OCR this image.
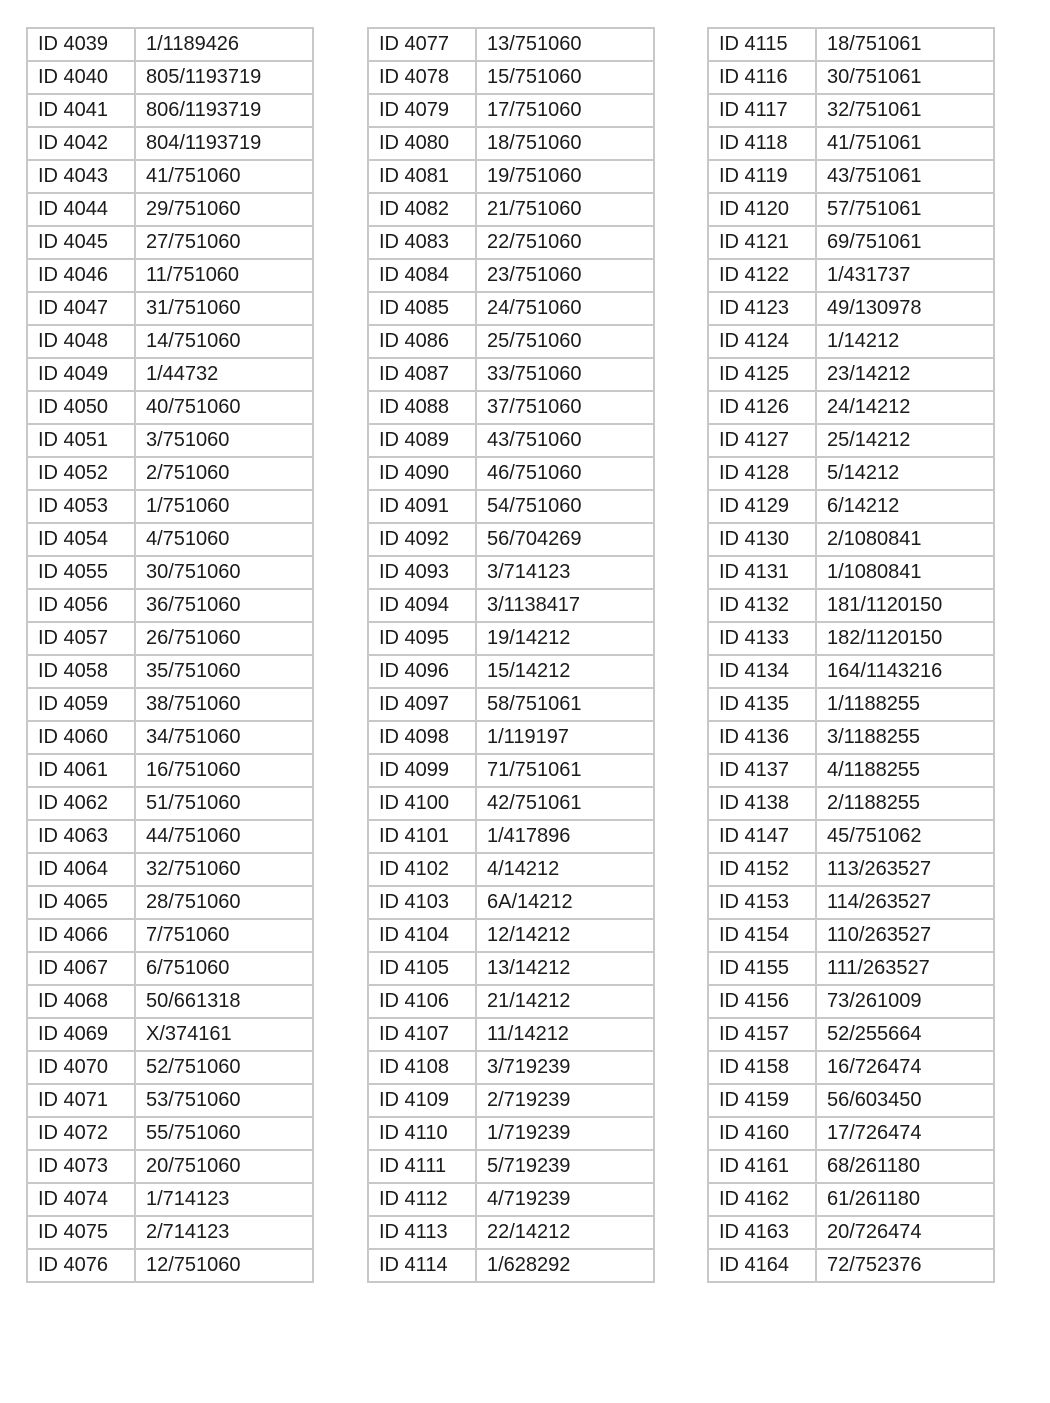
ID 4039	1/1189426
ID 4040	805/1193719
ID 4041	806/1193719
ID 4042	804/1193719
ID 4043	41/751060
ID 4044	29/751060
ID 4045	27/751060
ID 4046	11/751060
ID 4047	31/751060
ID 4048	14/751060
ID 4049	1/44732
ID 4050	40/751060
ID 4051	3/751060
ID 4052	2/751060
ID 4053	1/751060
ID 4054	4/751060
ID 4055	30/751060
ID 4056	36/751060
ID 4057	26/751060
ID 4058	35/751060
ID 4059	38/751060
ID 4060	34/751060
ID 4061	16/751060
ID 4062	51/751060
ID 4063	44/751060
ID 4064	32/751060
ID 4065	28/751060
ID 4066	7/751060
ID 4067	6/751060
ID 4068	50/661318
ID 4069	X/374161
ID 4070	52/751060
ID 4071	53/751060
ID 4072	55/751060
ID 4073	20/751060
ID 4074	1/714123
ID 4075	2/714123
ID 4076	12/751060
ID 4077	13/751060
ID 4078	15/751060
ID 4079	17/751060
ID 4080	18/751060
ID 4081	19/751060
ID 4082	21/751060
ID 4083	22/751060
ID 4084	23/751060
ID 4085	24/751060
ID 4086	25/751060
ID 4087	33/751060
ID 4088	37/751060
ID 4089	43/751060
ID 4090	46/751060
ID 4091	54/751060
ID 4092	56/704269
ID 4093	3/714123
ID 4094	3/1138417
ID 4095	19/14212
ID 4096	15/14212
ID 4097	58/751061
ID 4098	1/119197
ID 4099	71/751061
ID 4100	42/751061
ID 4101	1/417896
ID 4102	4/14212
ID 4103	6A/14212
ID 4104	12/14212
ID 4105	13/14212
ID 4106	21/14212
ID 4107	11/14212
ID 4108	3/719239
ID 4109	2/719239
ID 4110	1/719239
ID 4111	5/719239
ID 4112	4/719239
ID 4113	22/14212
ID 4114	1/628292
ID 4115	18/751061
ID 4116	30/751061
ID 4117	32/751061
ID 4118	41/751061
ID 4119	43/751061
ID 4120	57/751061
ID 4121	69/751061
ID 4122	1/431737
ID 4123	49/130978
ID 4124	1/14212
ID 4125	23/14212
ID 4126	24/14212
ID 4127	25/14212
ID 4128	5/14212
ID 4129	6/14212
ID 4130	2/1080841
ID 4131	1/1080841
ID 4132	181/1120150
ID 4133	182/1120150
ID 4134	164/1143216
ID 4135	1/1188255
ID 4136	3/1188255
ID 4137	4/1188255
ID 4138	2/1188255
ID 4147	45/751062
ID 4152	113/263527
ID 4153	114/263527
ID 4154	110/263527
ID 4155	111/263527
ID 4156	73/261009
ID 4157	52/255664
ID 4158	16/726474
ID 4159	56/603450
ID 4160	17/726474
ID 4161	68/261180
ID 4162	61/261180
ID 4163	20/726474
ID 4164	72/752376
